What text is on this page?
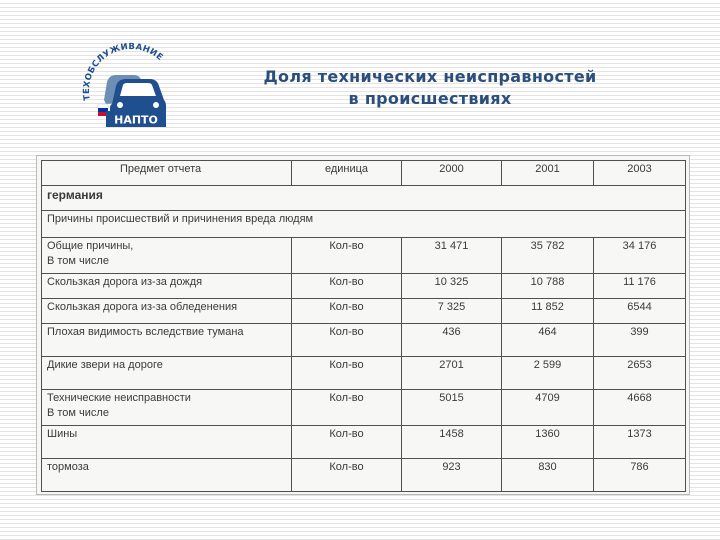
ТЕХОБСЛУЖИВАНИЕ
НАПТО
Доля технических неисправностей
в происшествиях
Предмет отчета	единица	2000	2001	2003
германия				
Причины происшествий и причинения вреда людям				
Общие причины,
В том числе	Кол-во	31 471	35 782	34 176
Скользкая дорога из-за дождя	Кол-во	10 325	10 788	11 176
Скользкая дорога из-за обледенения	Кол-во	7 325	11 852	6544
Плохая видимость вследствие тумана	Кол-во	436	464	399
Дикие звери на дороге	Кол-во	2701	2 599	2653
Технические неисправности
В том числе	Кол-во	5015	4709	4668
Шины	Кол-во	1458	1360	1373
тормоза	Кол-во	923	830	786
